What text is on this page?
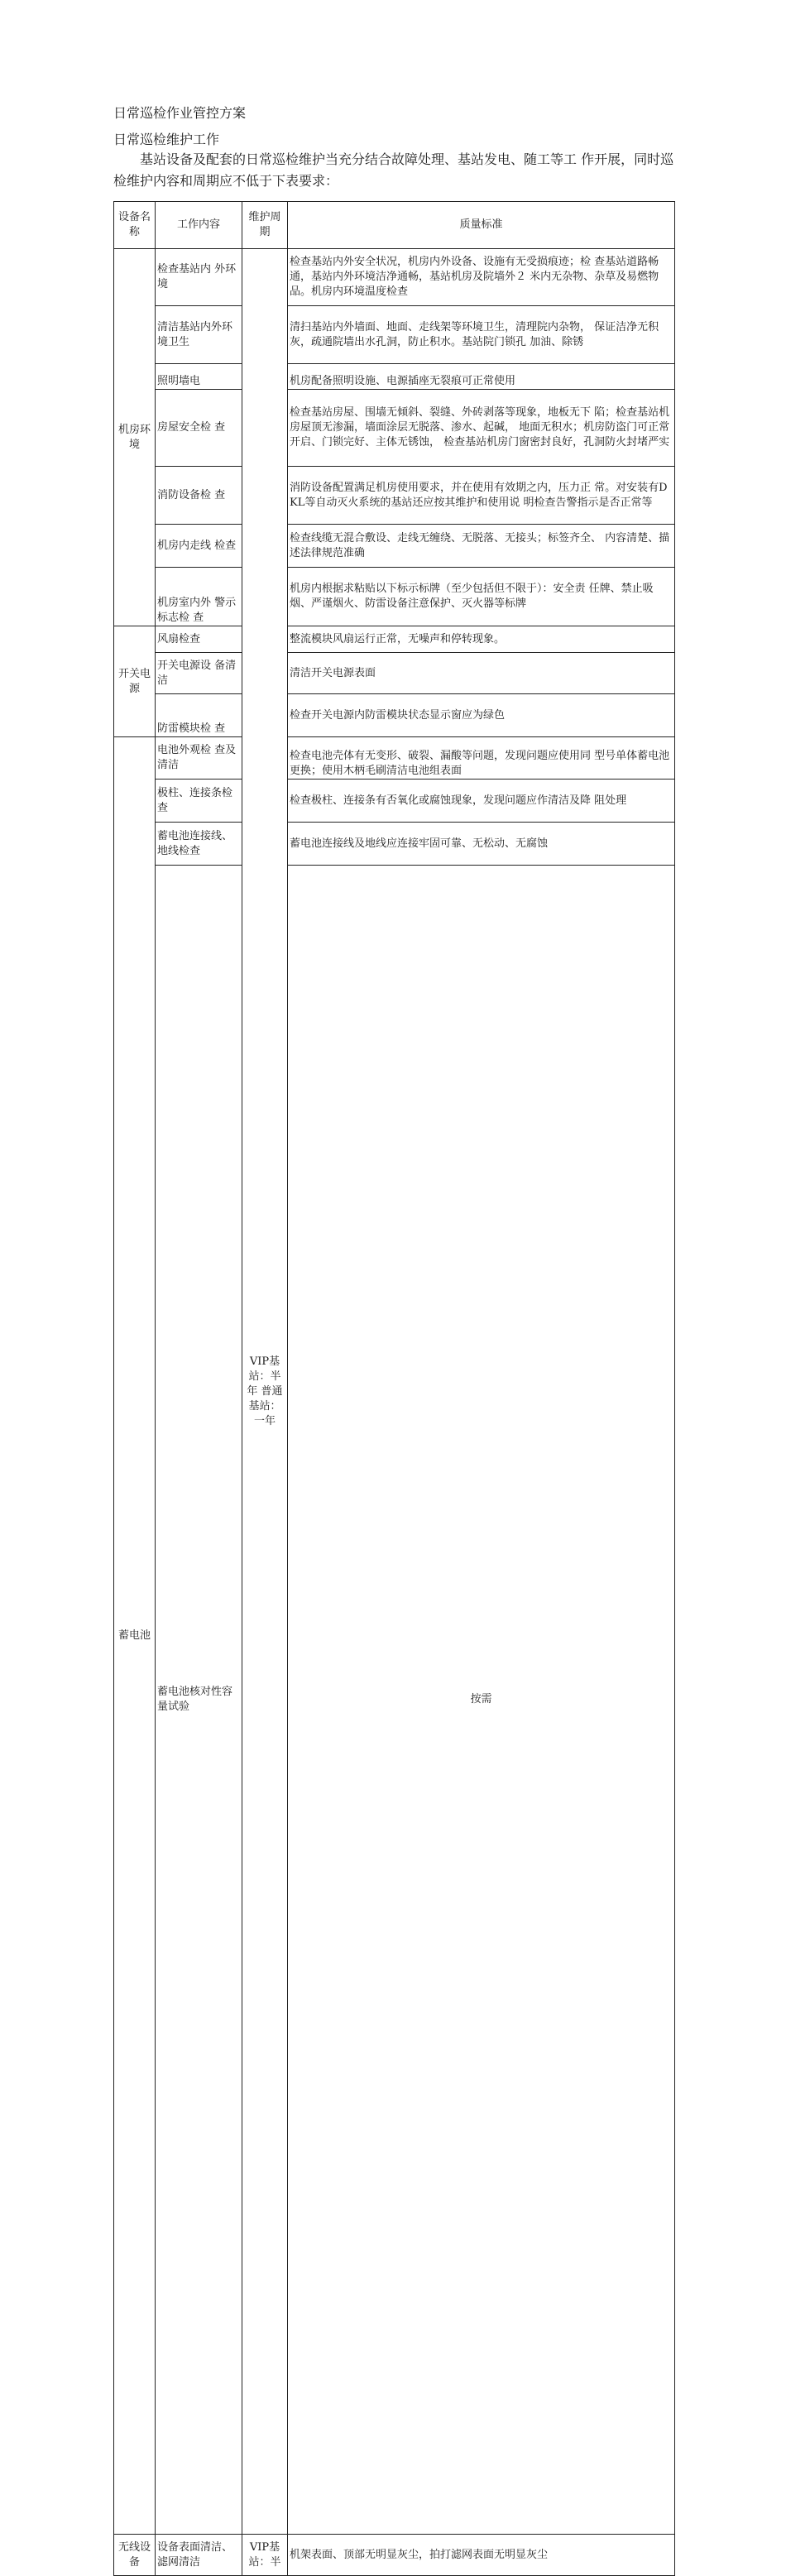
日常巡检作业管控方案
日常巡检维护工作
基站设备及配套的日常巡检维护当充分结合故障处理、基站发电、随工等工 作开展，同时巡检维护内容和周期应不低于下表要求：
设备名称	工作内容	维护周期	质量标准	
机房环境	检查基站内 外环境	VIP基站：半年 普通基站：一年	检查基站内外安全状况，机房内外设备、设施有无受损痕迹；检 查基站道路畅通，基站内外环境洁净通畅，基站机房及院墙外２ 米内无杂物、杂草及易燃物品。机房内环境温度检查	
	清洁基站内外环境卫生		清扫基站内外墙面、地面、走线架等环境卫生，清理院内杂物， 保证洁净无积灰，疏通院墙出水孔洞，防止积水。基站院门锁孔 加油、除锈	
	照明墙电		机房配备照明设施、电源插座无裂痕可正常使用	
	房屋安全检 查		检查基站房屋、围墙无倾斜、裂缝、外砖剥落等现象，地板无下 陷；检查基站机房屋顶无渗漏，墙面涂层无脱落、渗水、起碱， 地面无积水；机房防盗门可正常开启、门锁完好、主体无锈蚀， 检查基站机房门窗密封良好，孔洞防火封堵严实	
	消防设备检 查		消防设备配置满足机房使用要求，并在使用有效期之内，压力正 常。对安装有DKL等自动灭火系统的基站还应按其维护和使用说 明检查告警指示是否正常等	
	机房内走线 检查		检查线缆无混合敷设、走线无缠绕、无脱落、无接头；标签齐全、 内容清楚、描述法律规范准确	
	机房室内外 警示标志检 查		机房内根据求粘贴以下标示标牌（至少包括但不限于）：安全责 任牌、禁止吸烟、严谨烟火、防雷设备注意保护、灭火器等标牌	
开关电源	风扇检查		整流模块风扇运行正常，无噪声和停转现象。	
	开关电源设 备清洁		清洁开关电源表面	
	防雷模块检 查		检查开关电源内防雷模块状态显示窗应为绿色	
蓄电池	电池外观检 查及清洁		检查电池壳体有无变形、破裂、漏酸等问题，发现问题应使用同 型号单体蓄电池更换；使用木柄毛刷清洁电池组表面	
	极柱、连接条检查		检查极柱、连接条有否氧化或腐蚀现象，发现问题应作清洁及降 阻处理	
	蓄电池连接线、地线检查		蓄电池连接线及地线应连接牢固可靠、无松动、无腐蚀	
	蓄电池核对性容量试验		按需	
无线设备	设备表面清洁、滤网清洁	VIP基站：半	机架表面、顶部无明显灰尘，拍打滤网表面无明显灰尘	
